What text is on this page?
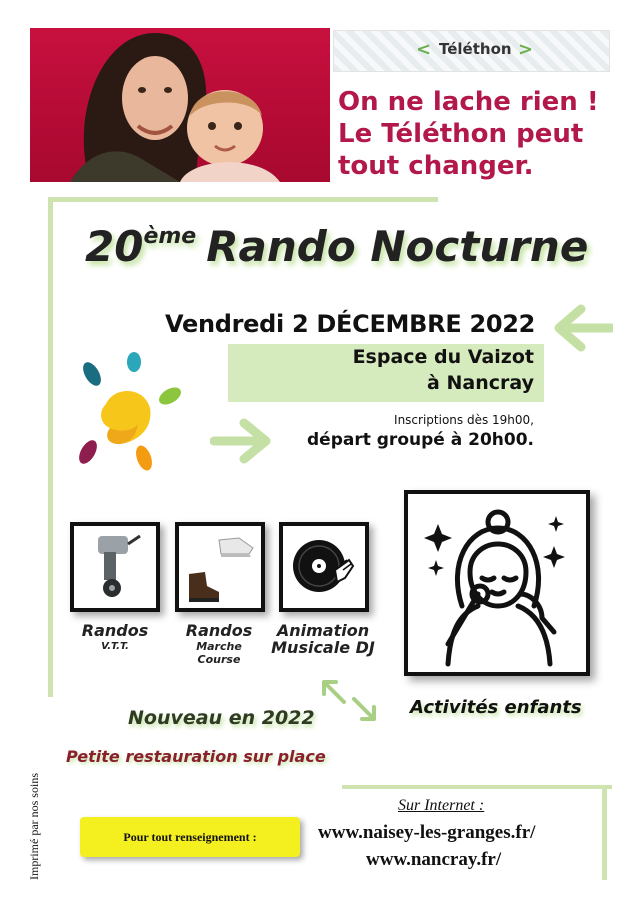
< Téléthon >
On ne lache rien !
Le Téléthon peut
tout changer.
20ème Rando Nocturne
Vendredi 2 DÉCEMBRE 2022
Espace du Vaizot
à Nancray
Inscriptions dès 19h00,
départ groupé à 20h00.
Randos
V.T.T.
Randos
Marche
Course
Animation
Musicale DJ
Activités enfants
Nouveau en 2022
Petite restauration sur place
Imprimé par nos soins	Sur Internet :
Pour tout renseignement :	www.naisey-les-granges.fr/
www.nancray.fr/
